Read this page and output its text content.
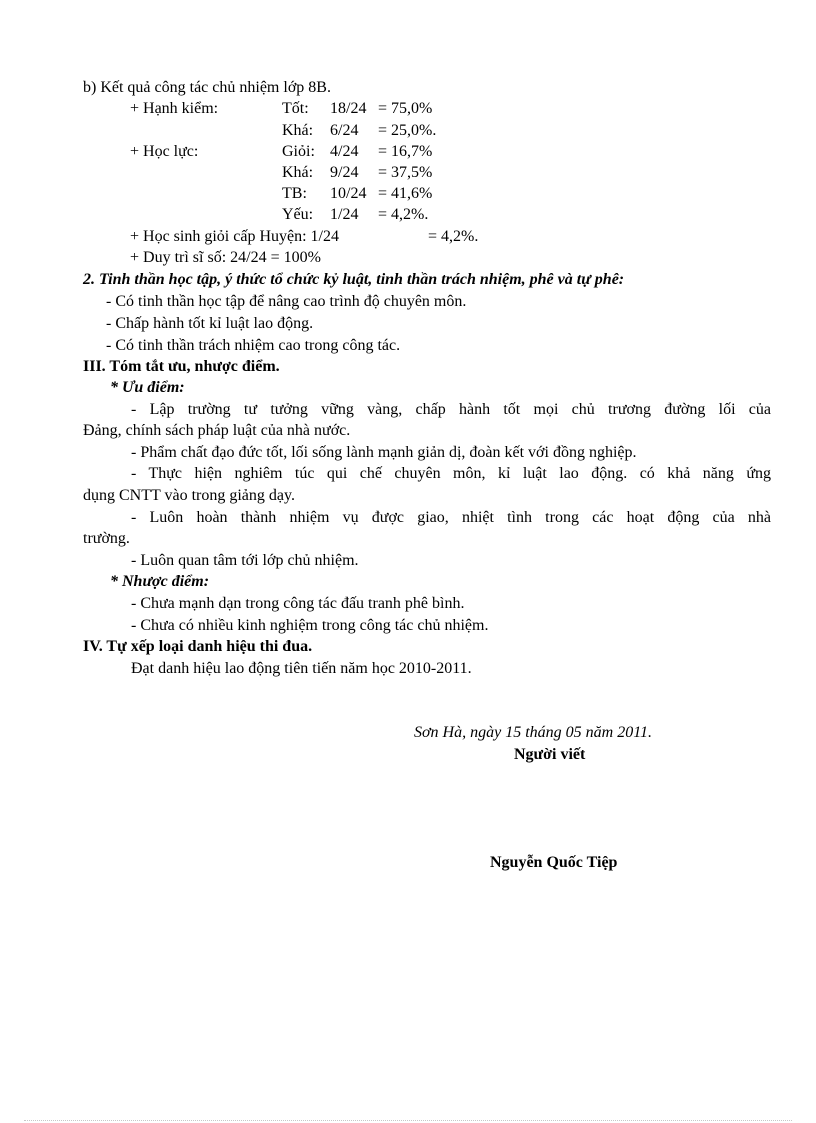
b) Kết quả công tác chủ nhiệm lớp 8B.
+ Hạnh kiểm:	Tốt: 18/24 = 75,0%
Khá: 6/24 = 25,0%.
+ Học lực:	Giỏi: 4/24 = 16,7%
Khá: 9/24 = 37,5%
TB: 10/24 = 41,6%
Yếu: 1/24 = 4,2%.
+ Học sinh giỏi cấp Huyện: 1/24	= 4,2%.
+ Duy trì sĩ số: 24/24 = 100%
2. Tinh thần học tập, ý thức tổ chức kỷ luật, tinh thần trách nhiệm, phê và tự phê:
- Có tinh thần học tập để nâng cao trình độ chuyên môn.
- Chấp hành tốt kỉ luật lao động.
- Có tinh thần trách nhiệm cao trong công tác.
III. Tóm tắt ưu, nhược điểm.
* Ưu điểm:
- Lập trường tư tưởng vững vàng, chấp hành tốt mọi chủ trương đường lối của
Đảng, chính sách pháp luật của nhà nước.
- Phẩm chất đạo đức tốt, lối sống lành mạnh giản dị, đoàn kết với đồng nghiệp.
- Thực hiện nghiêm túc qui chế chuyên môn, kỉ luật lao động. có khả năng ứng
dụng CNTT vào trong giảng dạy.
- Luôn hoàn thành nhiệm vụ được giao, nhiệt tình trong các hoạt động của nhà
trường.
- Luôn quan tâm tới lớp chủ nhiệm.
* Nhược điểm:
- Chưa mạnh dạn trong công tác đấu tranh phê bình.
- Chưa có nhiều kinh nghiệm trong công tác chủ nhiệm.
IV. Tự xếp loại danh hiệu thi đua.
Đạt danh hiệu lao động tiên tiến năm học 2010-2011.
Sơn Hà, ngày 15 tháng 05 năm 2011.
Người viết
Nguyễn Quốc Tiệp
